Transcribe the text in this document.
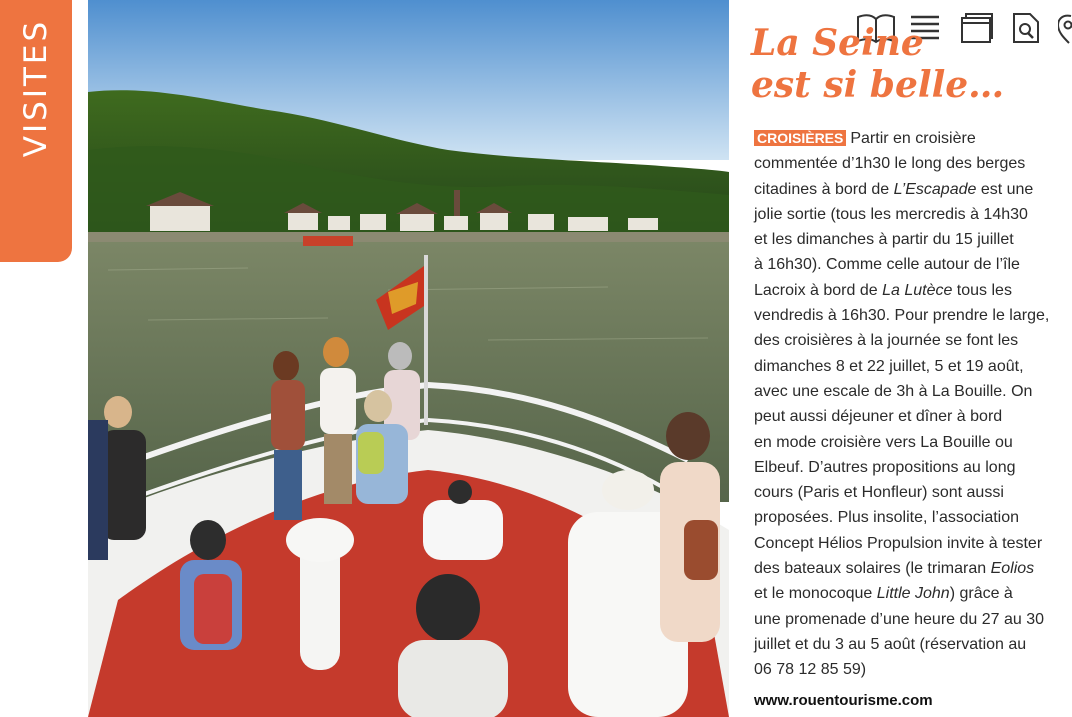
VISITES	La Seine
est si belle…
CROISIÈRES Partir en croisière
commentée d’1h30 le long des berges
citadines à bord de L’Escapade est une
jolie sortie (tous les mercredis à 14h30
et les dimanches à partir du 15 juillet
à 16h30). Comme celle autour de l’île
Lacroix à bord de La Lutèce tous les
vendredis à 16h30. Pour prendre le large,
des croisières à la journée se font les
dimanches 8 et 22 juillet, 5 et 19 août,
avec une escale de 3h à La Bouille. On
peut aussi déjeuner et dîner à bord
en mode croisière vers La Bouille ou
Elbeuf. D’autres propositions au long
cours (Paris et Honfleur) sont aussi
proposées. Plus insolite, l’association
Concept Hélios Propulsion invite à tester
des bateaux solaires (le trimaran Eolios
et le monocoque Little John) grâce à
une promenade d’une heure du 27 au 30
juillet et du 3 au 5 août (réservation au
06 78 12 85 59)
www.rouentourisme.com
